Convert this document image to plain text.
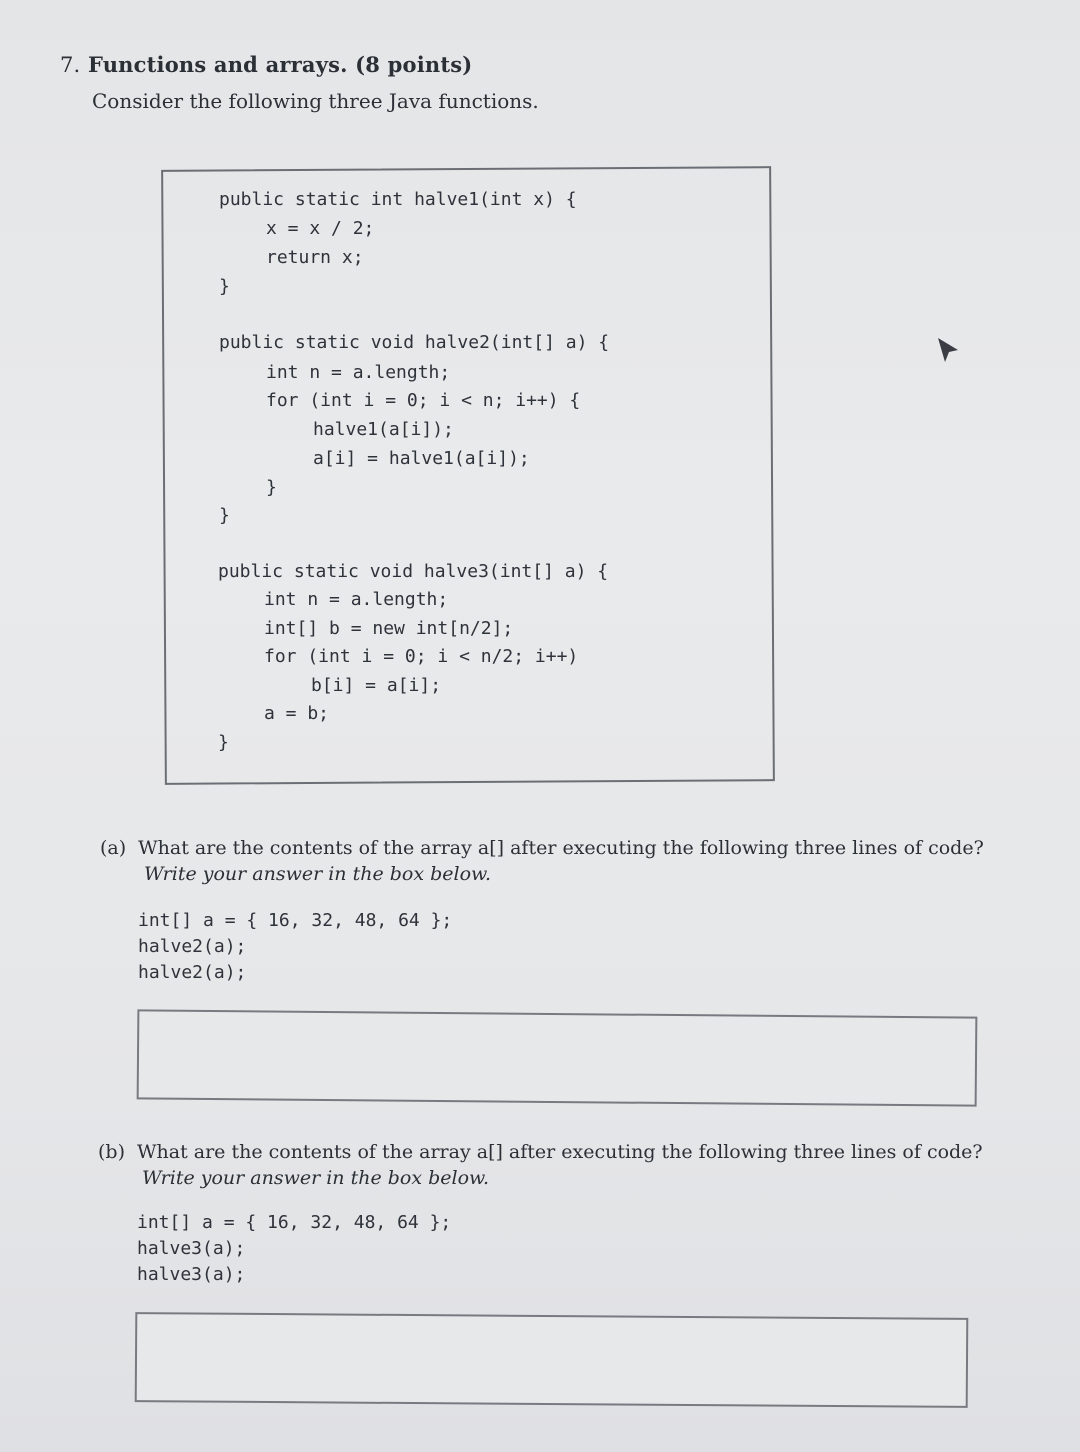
7. Functions and arrays. (8 points)
Consider the following three Java functions.
public static int halve1(int x) {
x = x / 2;
return x;
}
public static void halve2(int[] a) {
int n = a.length;
for (int i = 0; i < n; i++) {
halve1(a[i]);
a[i] = halve1(a[i]);
}
}
public static void halve3(int[] a) {
int n = a.length;
int[] b = new int[n/2];
for (int i = 0; i < n/2; i++)
b[i] = a[i];
a = b;
}
(a) What are the contents of the array a[] after executing the following three lines of code?
Write your answer in the box below.
int[] a = { 16, 32, 48, 64 };
halve2(a);
halve2(a);
(b) What are the contents of the array a[] after executing the following three lines of code?
Write your answer in the box below.
int[] a = { 16, 32, 48, 64 };
halve3(a);
halve3(a);
